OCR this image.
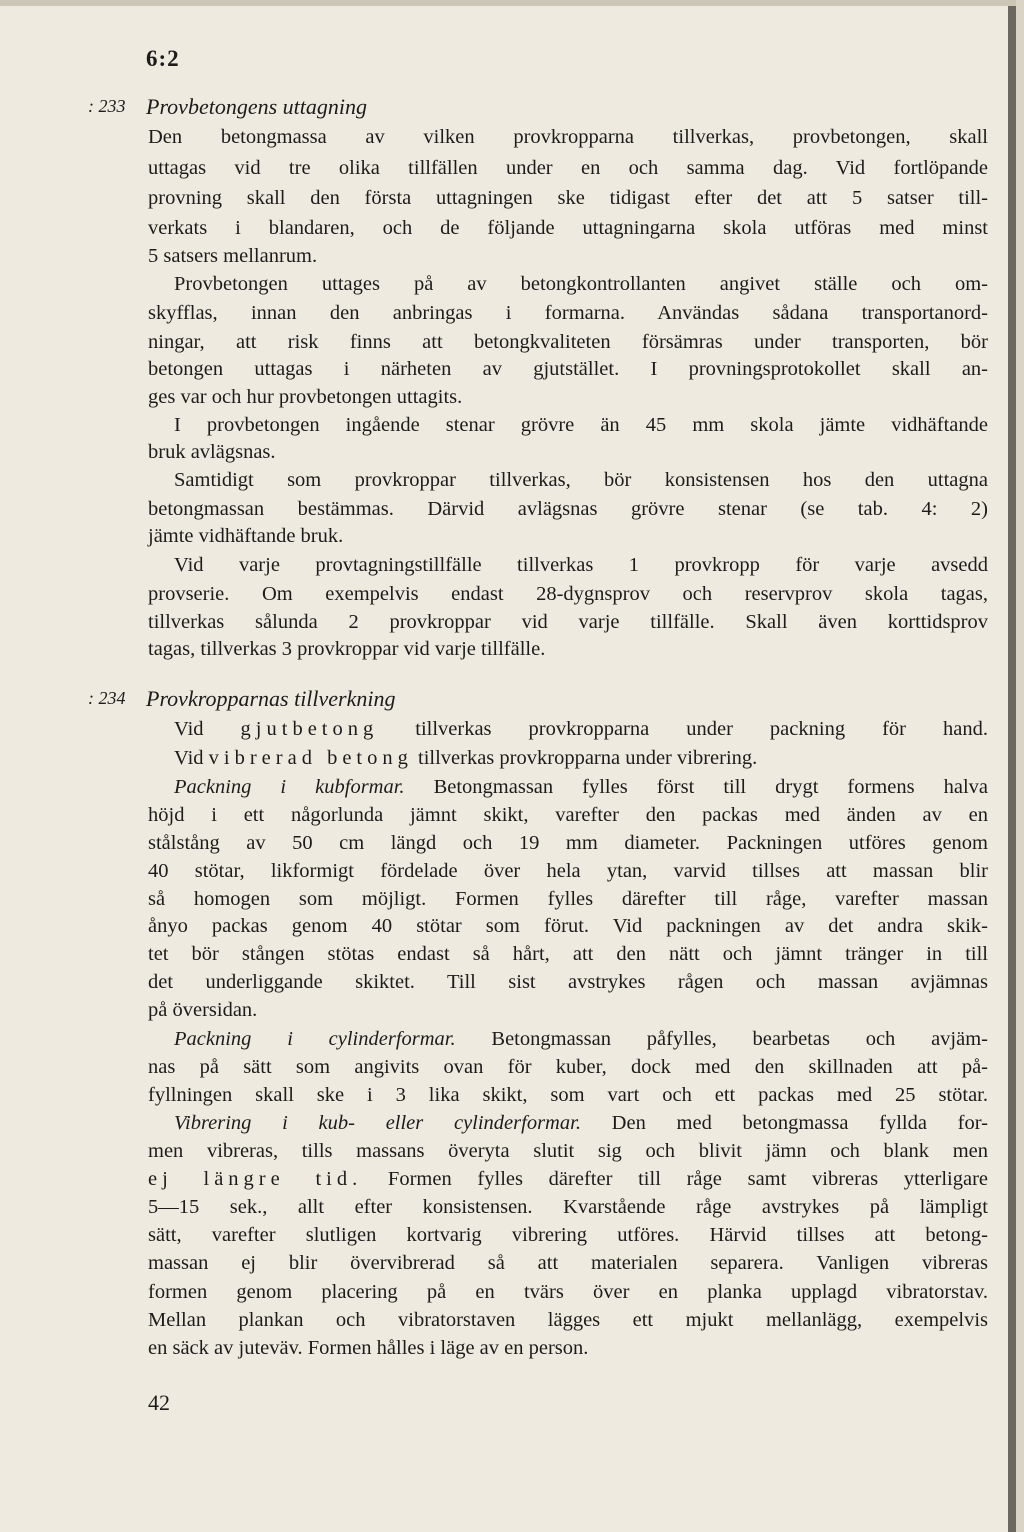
6:2
: 233 Provbetongens uttagning
Den betongmassa av vilken provkropparna tillverkas, provbetongen, skall
uttagas vid tre olika tillfällen under en och samma dag. Vid fortlöpande
provning skall den första uttagningen ske tidigast efter det att 5 satser till-
verkats i blandaren, och de följande uttagningarna skola utföras med minst
5 satsers mellanrum.
Provbetongen uttages på av betongkontrollanten angivet ställe och om-
skyfflas, innan den anbringas i formarna. Användas sådana transportanord-
ningar, att risk finns att betongkvaliteten försämras under transporten, bör
betongen uttagas i närheten av gjutstället. I provningsprotokollet skall an-
ges var och hur provbetongen uttagits.
I provbetongen ingående stenar grövre än 45 mm skola jämte vidhäftande
bruk avlägsnas.
Samtidigt som provkroppar tillverkas, bör konsistensen hos den uttagna
betongmassan bestämmas. Därvid avlägsnas grövre stenar (se tab. 4: 2)
jämte vidhäftande bruk.
Vid varje provtagningstillfälle tillverkas 1 provkropp för varje avsedd
provserie. Om exempelvis endast 28-dygnsprov och reservprov skola tagas,
tillverkas sålunda 2 provkroppar vid varje tillfälle. Skall även korttidsprov
tagas, tillverkas 3 provkroppar vid varje tillfälle.
: 234 Provkropparnas tillverkning
Vid gjutbetong tillverkas provkropparna under packning för hand.
Vid vibrerad betong tillverkas provkropparna under vibrering.
Packning i kubformar. Betongmassan fylles först till drygt formens halva
höjd i ett någorlunda jämnt skikt, varefter den packas med änden av en
stålstång av 50 cm längd och 19 mm diameter. Packningen utföres genom
40 stötar, likformigt fördelade över hela ytan, varvid tillses att massan blir
så homogen som möjligt. Formen fylles därefter till råge, varefter massan
ånyo packas genom 40 stötar som förut. Vid packningen av det andra skik-
tet bör stången stötas endast så hårt, att den nätt och jämnt tränger in till
det underliggande skiktet. Till sist avstrykes rågen och massan avjämnas
på översidan.
Packning i cylinderformar. Betongmassan påfylles, bearbetas och avjäm-
nas på sätt som angivits ovan för kuber, dock med den skillnaden att på-
fyllningen skall ske i 3 lika skikt, som vart och ett packas med 25 stötar.
Vibrering i kub- eller cylinderformar. Den med betongmassa fyllda for-
men vibreras, tills massans överyta slutit sig och blivit jämn och blank men
ej längre tid. Formen fylles därefter till råge samt vibreras ytterligare
5—15 sek., allt efter konsistensen. Kvarstående råge avstrykes på lämpligt
sätt, varefter slutligen kortvarig vibrering utföres. Härvid tillses att betong-
massan ej blir övervibrerad så att materialen separera. Vanligen vibreras
formen genom placering på en tvärs över en planka upplagd vibratorstav.
Mellan plankan och vibratorstaven lägges ett mjukt mellanlägg, exempelvis
en säck av juteväv. Formen hålles i läge av en person.
42
